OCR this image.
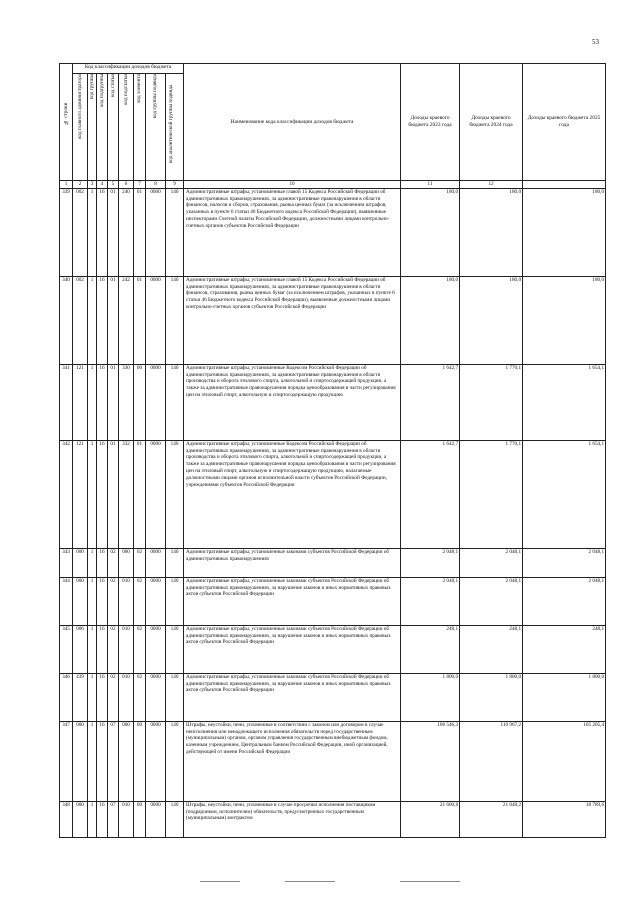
53
№ строки	Код классификации доходов бюджета								Наименование кода классификации доходов бюджета	Доходы краевого бюджета 2023 года	Доходы краевого бюджета 2024 года	Доходы краевого бюджета 2025 года

	код главного администратора	код группы	код подгруппы	код статьи	код подстатьи	код элемента	код группы подвида	код аналитической группы подвида				

1	2	3	4	5	6	7	8	9	10	11	12	
339	002	1	16	01	240	01	0000	140	Административные штрафы, установленные главой 15 Кодекса Российской Федерации об административных правонарушениях, за административные правонарушения в области финансов, налогов и сборов, страхования, рынка ценных бумаг (за исключением штрафов, указанных в пункте 6 статьи 46 Бюджетного кодекса Российской Федерации), выявленные инспекторами Счетной палаты Российской Федерации, должностными лицами контрольно-счетных органов субъектов Российской Федерации	180,0	180,0	180,0
340	002	1	16	01	242	01	0000	140	Административные штрафы, установленные главой 15 Кодекса Российской Федерации об административных правонарушениях, за административные правонарушения в области финансов, страхования, рынка ценных бумаг (за исключением штрафов, указанных в пункте 6 статьи 46 Бюджетного кодекса Российской Федерации), выявленные должностными лицами контрольно-счетных органов субъектов Российской Федерации	180,0	180,0	180,0
341	121	1	16	01	330	00	0000	140	Административные штрафы, установленные Кодексом Российской Федерации об административных правонарушениях, за административные правонарушения в области производства и оборота этилового спирта, алкогольной и спиртосодержащей продукции, а также за административные правонарушения порядка ценообразования в части регулирования цен на этиловый спирт, алкогольную и спиртосодержащую продукцию	1 642,7	1 770,1	1 654,1
342	121	1	16	01	332	01	0000	140	Административные штрафы, установленные Кодексом Российской Федерации об административных правонарушениях, за административные правонарушения в области производства и оборота этилового спирта, алкогольной и спиртосодержащей продукции, а также за административные правонарушения порядка ценообразования в части регулирования цен на этиловый спирт, алкогольную и спиртосодержащую продукцию, налагаемые должностными лицами органов исполнительной власти субъектов Российской Федерации, учреждениями субъектов Российской Федерации	1 642,7	1 770,1	1 654,1
343	000	1	16	02	000	02	0000	140	Административные штрафы, установленные законами субъектов Российской Федерации об административных правонарушениях	2 048,1	2 048,1	2 048,1
344	000	1	16	02	010	02	0000	140	Административные штрафы, установленные законами субъектов Российской Федерации об административных правонарушениях, за нарушение законов и иных нормативных правовых актов субъектов Российской Федерации	2 048,1	2 048,1	2 048,1
345	006	1	16	02	010	02	0000	140	Административные штрафы, установленные законами субъектов Российской Федерации об административных правонарушениях, за нарушение законов и иных нормативных правовых актов субъектов Российской Федерации	248,1	248,1	248,1
346	439	1	16	02	010	02	0000	140	Административные штрафы, установленные законами субъектов Российской Федерации об административных правонарушениях, за нарушение законов и иных нормативных правовых актов субъектов Российской Федерации	1 800,0	1 800,0	1 800,0
347	000	1	16	07	000	00	0000	140	Штрафы, неустойки, пени, уплаченные в соответствии с законом или договором в случае неисполнения или ненадлежащего исполнения обязательств перед государственным (муниципальным) органом, органом управления государственным внебюджетным фондом, казенным учреждением, Центральным банком Российской Федерации, иной организацией, действующей от имени Российской Федерации	106 546,3	110 967,2	105 205,4
348	000	1	16	07	010	00	0000	140	Штрафы, неустойки, пени, уплаченные в случае просрочки исполнения поставщиком (подрядчиком, исполнителем) обязательств, предусмотренных государственным (муниципальным) контрактом	21 600,8	21 048,2	18 789,6
